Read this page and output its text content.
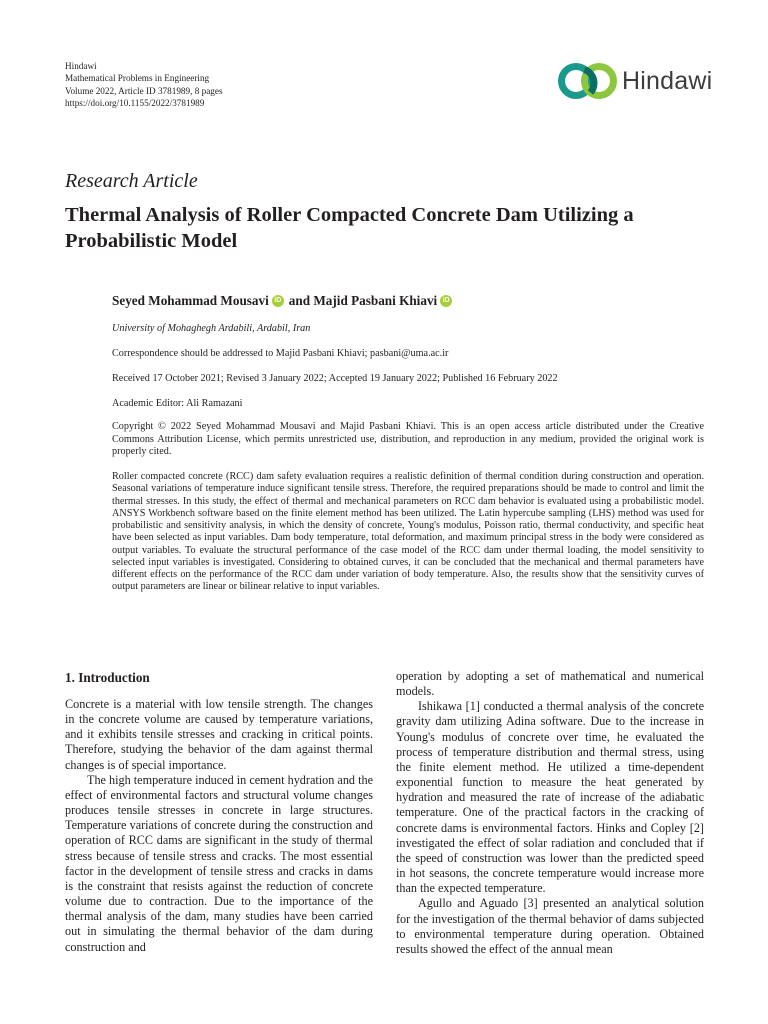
Hindawi
Mathematical Problems in Engineering
Volume 2022, Article ID 3781989, 8 pages
https://doi.org/10.1155/2022/3781989
Hindawi
Research Article
Thermal Analysis of Roller Compacted Concrete Dam Utilizing a Probabilistic Model
Seyed Mohammad Mousavi iD and
Majid Pasbani Khiavi iD
University of Mohaghegh Ardabili, Ardabil, Iran
Correspondence should be addressed to Majid Pasbani Khiavi; pasbani@uma.ac.ir
Received 17 October 2021; Revised 3 January 2022; Accepted 19 January 2022; Published 16 February 2022
Academic Editor: Ali Ramazani
Copyright © 2022 Seyed Mohammad Mousavi and Majid Pasbani Khiavi. This is an open access article distributed under the Creative Commons Attribution License, which permits unrestricted use, distribution, and reproduction in any medium, provided the original work is properly cited.
Roller compacted concrete (RCC) dam safety evaluation requires a realistic definition of thermal condition during construction and operation. Seasonal variations of temperature induce significant tensile stress. Therefore, the required preparations should be made to control and limit the thermal stresses. In this study, the effect of thermal and mechanical parameters on RCC dam behavior is evaluated using a probabilistic model. ANSYS Workbench software based on the finite element method has been utilized. The Latin hypercube sampling (LHS) method was used for probabilistic and sensitivity analysis, in which the density of concrete, Young's modulus, Poisson ratio, thermal conductivity, and specific heat have been selected as input variables. Dam body temperature, total deformation, and maximum principal stress in the body were considered as output variables. To evaluate the structural performance of the case model of the RCC dam under thermal loading, the model sensitivity to selected input variables is investigated. Considering to obtained curves, it can be concluded that the mechanical and thermal parameters have different effects on the performance of the RCC dam under variation of body temperature. Also, the results show that the sensitivity curves of output parameters are linear or bilinear relative to input variables.
1. Introduction

Concrete is a material with low tensile strength. The changes in the concrete volume are caused by temperature variations, and it exhibits tensile stresses and cracking in critical points. Therefore, studying the behavior of the dam against thermal changes is of special importance.

The high temperature induced in cement hydration and the effect of environmental factors and structural volume changes produces tensile stresses in concrete in large structures. Temperature variations of concrete during the construction and operation of RCC dams are significant in the study of thermal stress because of tensile stress and cracks. The most essential factor in the development of tensile stress and cracks in dams is the constraint that resists against the reduction of concrete volume due to contraction. Due to the importance of the thermal analysis of the dam, many studies have been carried out in simulating the thermal behavior of the dam during construction and

operation by adopting a set of mathematical and numerical models.

Ishikawa [1] conducted a thermal analysis of the concrete gravity dam utilizing Adina software. Due to the increase in Young's modulus of concrete over time, he evaluated the process of temperature distribution and thermal stress, using the finite element method. He utilized a time-dependent exponential function to measure the heat generated by hydration and measured the rate of increase of the adiabatic temperature. One of the practical factors in the cracking of concrete dams is environmental factors. Hinks and Copley [2] investigated the effect of solar radiation and concluded that if the speed of construction was lower than the predicted speed in hot seasons, the concrete temperature would increase more than the expected temperature.

Agullo and Aguado [3] presented an analytical solution for the investigation of the thermal behavior of dams subjected to environmental temperature during operation. Obtained results showed the effect of the annual mean
